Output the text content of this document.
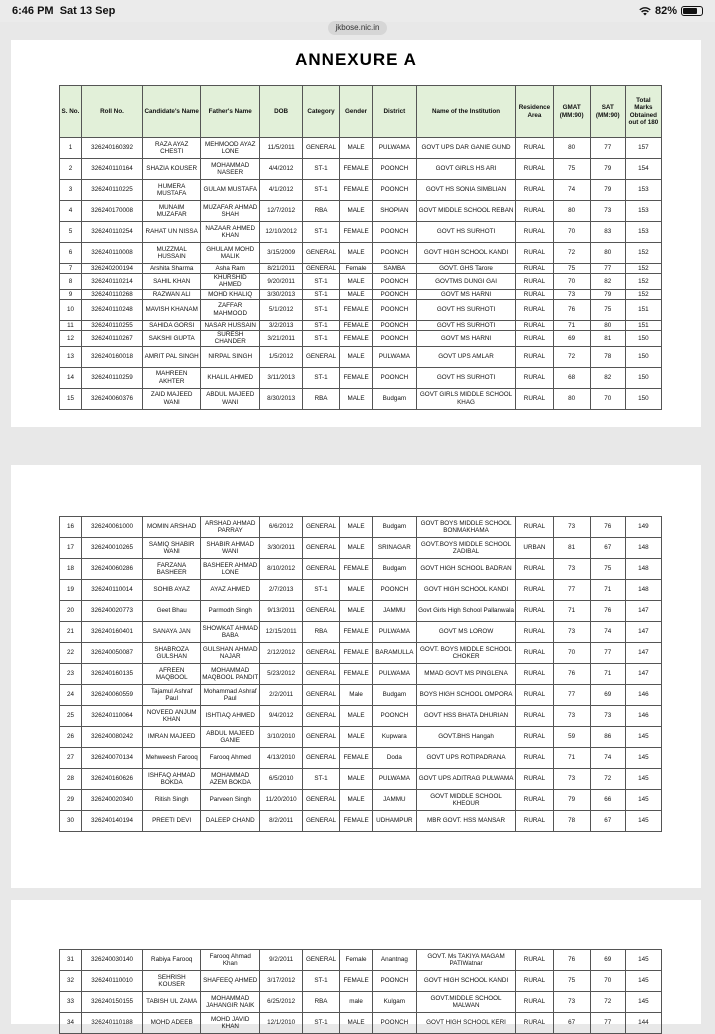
6:46 PM Sat 13 Sep	82%
jkbose.nic.in
ANNEXURE A
S. No.	Roll No.	Candidate's Name	Father's Name	DOB	Category	Gender	District	Name of the Institution	Residence Area	GMAT (MM:90)	SAT (MM:90)	Total Marks Obtained out of 180
1	326240160392	RAZA AYAZ CHESTI	MEHMOOD AYAZ LONE	11/5/2011	GENERAL	MALE	PULWAMA	GOVT UPS DAR GANIE GUND	RURAL	80	77	157
2	326240110164	SHAZIA KOUSER	MOHAMMAD NASEER	4/4/2012	ST-1	FEMALE	POONCH	GOVT GIRLS HS ARI	RURAL	75	79	154
3	326240110225	HUMERA MUSTAFA	GULAM MUSTAFA	4/1/2012	ST-1	FEMALE	POONCH	GOVT HS SONIA SIMBLIAN	RURAL	74	79	153
4	326240170008	MUNAIM MUZAFAR	MUZAFAR AHMAD SHAH	12/7/2012	RBA	MALE	SHOPIAN	GOVT MIDDLE SCHOOL REBAN	RURAL	80	73	153
5	326240110254	RAHAT UN NISSA	NAZAAR AHMED KHAN	12/10/2012	ST-1	FEMALE	POONCH	GOVT HS SURHOTI	RURAL	70	83	153
6	326240110008	MUZZMAL HUSSAIN	GHULAM MOHD MALIK	3/15/2009	GENERAL	MALE	POONCH	GOVT HIGH SCHOOL KANDI	RURAL	72	80	152
7	326240200194	Arshita Sharma	Asha Ram	8/21/2011	GENERAL	Female	SAMBA	GOVT. GHS Tarore	RURAL	75	77	152
8	326240110214	SAHIL KHAN	KHURSHID AHMED	9/20/2011	ST-1	MALE	POONCH	GOVTMS DUNGI GAI	RURAL	70	82	152
9	326240110268	RAZWAN ALI	MOHD KHALIQ	3/30/2013	ST-1	MALE	POONCH	GOVT MS HARNI	RURAL	73	79	152
10	326240110248	MAVISH KHANAM	ZAFFAR MAHMOOD	5/1/2012	ST-1	FEMALE	POONCH	GOVT HS SURHOTI	RURAL	76	75	151
11	326240110255	SAHIDA GORSI	NASAR HUSSAIN	3/2/2013	ST-1	FEMALE	POONCH	GOVT HS SURHOTI	RURAL	71	80	151
12	326240110267	SAKSHI GUPTA	SURESH CHANDER	3/21/2011	ST-1	FEMALE	POONCH	GOVT MS HARNI	RURAL	69	81	150
13	326240160018	AMRIT PAL SINGH	NIRPAL SINGH	1/5/2012	GENERAL	MALE	PULWAMA	GOVT UPS AMLAR	RURAL	72	78	150
14	326240110259	MAHREEN AKHTER	KHALIL AHMED	3/11/2013	ST-1	FEMALE	POONCH	GOVT HS SURHOTI	RURAL	68	82	150
15	326240060376	ZAID MAJEED WANI	ABDUL MAJEED WANI	8/30/2013	RBA	MALE	Budgam	GOVT GIRLS MIDDLE SCHOOL KHAG	RURAL	80	70	150
16	326240061000	MOMIN ARSHAD	ARSHAD AHMAD PARRAY	6/6/2012	GENERAL	MALE	Budgam	GOVT BOYS MIDDLE SCHOOL BONMAKHAMA	RURAL	73	76	149
17	326240010265	SAMIQ SHABIR WANI	SHABIR AHMAD WANI	3/30/2011	GENERAL	MALE	SRINAGAR	GOVT.BOYS MIDDLE SCHOOL ZADIBAL	URBAN	81	67	148
18	326240060286	FARZANA BASHEER	BASHEER AHMAD LONE	8/10/2012	GENERAL	FEMALE	Budgam	GOVT HIGH SCHOOL BADRAN	RURAL	73	75	148
19	326240110014	SOHIB AYAZ	AYAZ AHMED	2/7/2013	ST-1	MALE	POONCH	GOVT HIGH SCHOOL KANDI	RURAL	77	71	148
20	326240020773	Geet Bhau	Parmodh Singh	9/13/2011	GENERAL	MALE	JAMMU	Govt Girls High School Pallanwala	RURAL	71	76	147
21	326240160401	SANAYA JAN	SHOWKAT AHMAD BABA	12/15/2011	RBA	FEMALE	PULWAMA	GOVT MS LOROW	RURAL	73	74	147
22	326240050087	SHABROZA GULSHAN	GULSHAN AHMAD NAJAR	2/12/2012	GENERAL	FEMALE	BARAMULLA	GOVT. BOYS MIDDLE SCHOOL CHOKER	RURAL	70	77	147
23	326240160135	AFREEN MAQBOOL	MOHAMMAD MAQBOOL PANDIT	5/23/2012	GENERAL	FEMALE	PULWAMA	MMAD GOVT MS PINGLENA	RURAL	76	71	147
24	326240060559	Tajamul Ashraf Paul	Mohammad Ashraf Paul	2/2/2011	GENERAL	Male	Budgam	BOYS HIGH SCHOOL OMPORA	RURAL	77	69	146
25	326240110064	NOVEED ANJUM KHAN	ISHTIAQ AHMED	9/4/2012	GENERAL	MALE	POONCH	GOVT HSS BHATA DHURIAN	RURAL	73	73	146
26	326240080242	IMRAN MAJEED	ABDUL MAJEED GANIE	3/10/2010	GENERAL	MALE	Kupwara	GOVT.BHS Hangah	RURAL	59	86	145
27	326240070134	Mehweesh Farooq	Farooq Ahmed	4/13/2010	GENERAL	FEMALE	Doda	GOVT UPS ROTIPADRANA	RURAL	71	74	145
28	326240160626	ISHFAQ AHMAD BOKDA	MOHAMMAD AZEM BOKDA	6/5/2010	ST-1	MALE	PULWAMA	GOVT UPS ADITRAG PULWAMA	RURAL	73	72	145
29	326240020340	Ritish Singh	Parveen Singh	11/20/2010	GENERAL	MALE	JAMMU	GOVT MIDDLE SCHOOL KHEOUR	RURAL	79	66	145
30	326240140194	PREETI DEVI	DALEEP CHAND	8/2/2011	GENERAL	FEMALE	UDHAMPUR	MBR GOVT. HSS MANSAR	RURAL	78	67	145
31	326240030140	Rabiya Farooq	Farooq Ahmad Khan	9/2/2011	GENERAL	Female	Anantnag	GOVT. Ms TAKIYA MAGAM PATIWatnar	RURAL	76	69	145
32	326240110010	SEHRISH KOUSER	SHAFEEQ AHMED	3/17/2012	ST-1	FEMALE	POONCH	GOVT HIGH SCHOOL KANDI	RURAL	75	70	145
33	326240150155	TABISH UL ZAMA	MOHAMMAD JAHANGIR NAIK	6/25/2012	RBA	male	Kulgam	GOVT.MIDDLE SCHOOL MALWAN	RURAL	73	72	145
34	326240110188	MOHD ADEEB	MOHD JAVID KHAN	12/1/2010	ST-1	MALE	POONCH	GOVT HIGH SCHOOL KERI	RURAL	67	77	144
